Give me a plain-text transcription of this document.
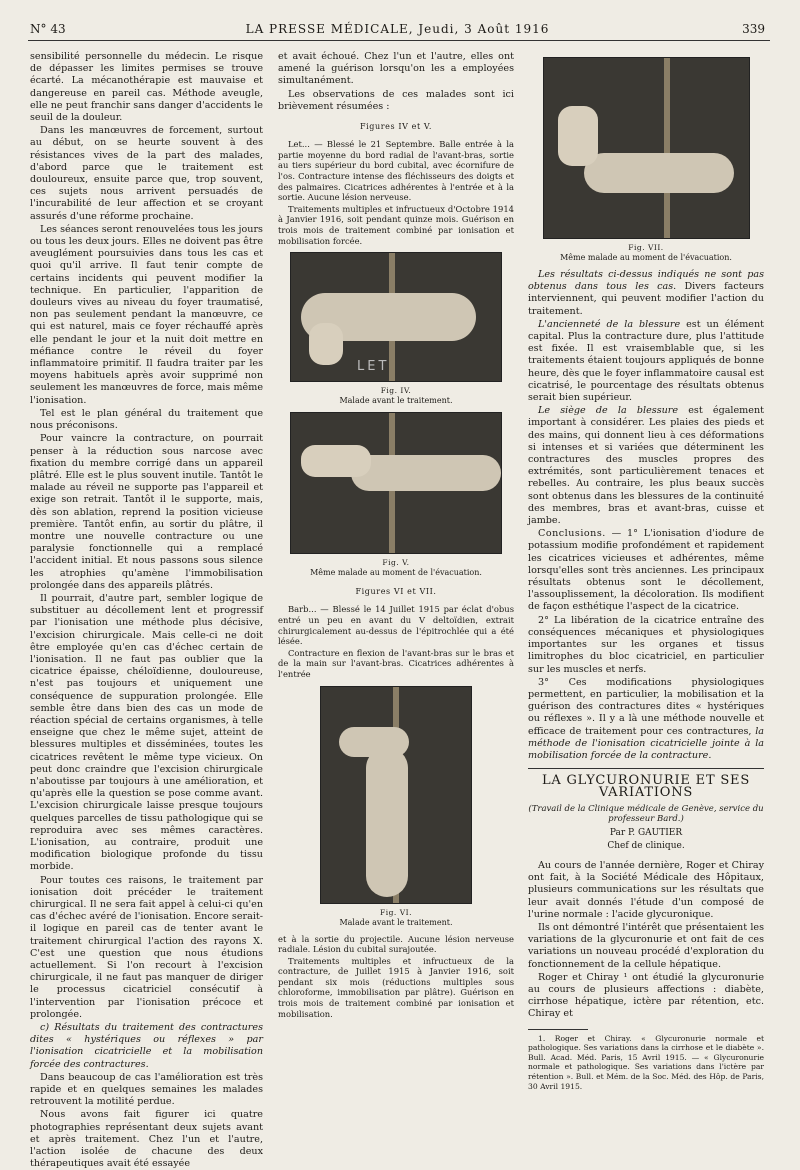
N° 43	LA PRESSE MÉDICALE, Jeudi, 3 Août 1916	339

sensibilité personnelle du médecin. Le risque de dépasser les limites permises se trouve écarté. La mécanothérapie est mauvaise et dangereuse en pareil cas. Méthode aveugle, elle ne peut franchir sans danger d'accidents le seuil de la douleur.

Dans les manœuvres de forcement, surtout au début, on se heurte souvent à des résistances vives de la part des malades, d'abord parce que le traitement est douloureux, ensuite parce que, trop souvent, ces sujets nous arrivent persuadés de l'incurabilité de leur affection et se croyant assurés d'une réforme prochaine.

Les séances seront renouvelées tous les jours ou tous les deux jours. Elles ne doivent pas être aveuglément poursuivies dans tous les cas et quoi qu'il arrive. Il faut tenir compte de certains incidents qui peuvent modifier la technique. En particulier, l'apparition de douleurs vives au niveau du foyer traumatisé, non pas seulement pendant la manœuvre, ce qui est naturel, mais ce foyer réchauffé après elle pendant le jour et la nuit doit mettre en méfiance contre le réveil du foyer inflammatoire primitif. Il faudra traiter par les moyens habituels après avoir supprimé non seulement les manœuvres de force, mais même l'ionisation.

Tel est le plan général du traitement que nous préconisons.

Pour vaincre la contracture, on pourrait penser à la réduction sous narcose avec fixation du membre corrigé dans un appareil plâtré. Elle est le plus souvent inutile. Tantôt le malade au réveil ne supporte pas l'appareil et exige son retrait. Tantôt il le supporte, mais, dès son ablation, reprend la position vicieuse première. Tantôt enfin, au sortir du plâtre, il montre une nouvelle contracture ou une paralysie fonctionnelle qui a remplacé l'accident initial. Et nous passons sous silence les atrophies qu'amène l'immobilisation prolongée dans des appareils plâtrés.

Il pourrait, d'autre part, sembler logique de substituer au décollement lent et progressif par l'ionisation une méthode plus décisive, l'excision chirurgicale. Mais celle-ci ne doit être employée qu'en cas d'échec certain de l'ionisation. Il ne faut pas oublier que la cicatrice épaisse, chéloïdienne, douloureuse, n'est pas toujours et uniquement une conséquence de suppuration prolongée. Elle semble être dans bien des cas un mode de réaction spécial de certains organismes, à telle enseigne que chez le même sujet, atteint de blessures multiples et disséminées, toutes les cicatrices revêtent le même type vicieux. On peut donc craindre que l'excision chirurgicale n'aboutisse par toujours à une amélioration, et qu'après elle la question se pose comme avant. L'excision chirurgicale laisse presque toujours quelques parcelles de tissu pathologique qui se reproduira avec ses mêmes caractères. L'ionisation, au contraire, produit une modification biologique profonde du tissu morbide.

Pour toutes ces raisons, le traitement par ionisation doit précéder le traitement chirurgical. Il ne sera fait appel à celui-ci qu'en cas d'échec avéré de l'ionisation. Encore serait-il logique en pareil cas de tenter avant le traitement chirurgical l'action des rayons X. C'est une question que nous étudions actuellement. Si l'on recourt à l'excision chirurgicale, il ne faut pas manquer de diriger le processus cicatriciel consécutif à l'intervention par l'ionisation précoce et prolongée.

c) Résultats du traitement des contractures dites « hystériques ou réflexes » par l'ionisation cicatricielle et la mobilisation forcée des contractures.

Dans beaucoup de cas l'amélioration est très rapide et en quelques semaines les malades retrouvent la motilité perdue.

Nous avons fait figurer ici quatre photographies représentant deux sujets avant et après traitement. Chez l'un et l'autre, l'action isolée de chacune des deux thérapeutiques avait été essayée

et avait échoué. Chez l'un et l'autre, elles ont amené la guérison lorsqu'on les a employées simultanément.

Les observations de ces malades sont ici brièvement résumées :

Figures IV et V.

Let... — Blessé le 21 Septembre. Balle entrée à la partie moyenne du bord radial de l'avant-bras, sortie au tiers supérieur du bord cubital, avec écornifure de l'os. Contracture intense des fléchisseurs des doigts et des palmaires. Cicatrices adhérentes à l'entrée et à la sortie. Aucune lésion nerveuse.

Traitements multiples et infructueux d'Octobre 1914 à Janvier 1916, soit pendant quinze mois. Guérison en trois mois de traitement combiné par ionisation et mobilisation forcée.

LET

Fig. IV.
Malade avant le traitement.

Fig. V.
Même malade au moment de l'évacuation.

Figures VI et VII.

Barb... — Blessé le 14 Juillet 1915 par éclat d'obus entré un peu en avant du V deltoïdien, extrait chirurgicalement au-dessus de l'épitrochlée qui a été lésée.

Contracture en flexion de l'avant-bras sur le bras et de la main sur l'avant-bras. Cicatrices adhérentes à l'entrée

Fig. VI.
Malade avant le traitement.

et à la sortie du projectile. Aucune lésion nerveuse radiale. Lésion du cubital surajoutée.

Traitements multiples et infructueux de la contracture, de Juillet 1915 à Janvier 1916, soit pendant six mois (réductions multiples sous chloroforme, immobilisation par plâtre). Guérison en trois mois de traitement combiné par ionisation et mobilisation.

Fig. VII.
Même malade au moment de l'évacuation.

Les résultats ci-dessus indiqués ne sont pas obtenus dans tous les cas. Divers facteurs interviennent, qui peuvent modifier l'action du traitement.

L'ancienneté de la blessure est un élément capital. Plus la contracture dure, plus l'attitude est fixée. Il est vraisemblable que, si les traitements étaient toujours appliqués de bonne heure, dès que le foyer inflammatoire causal est cicatrisé, le pourcentage des résultats obtenus serait bien supérieur.

Le siège de la blessure est également important à considérer. Les plaies des pieds et des mains, qui donnent lieu à ces déformations si intenses et si variées que déterminent les contractures des muscles propres des extrémités, sont particulièrement tenaces et rebelles. Au contraire, les plus beaux succès sont obtenus dans les blessures de la continuité des membres, bras et avant-bras, cuisse et jambe.

Conclusions. — 1° L'ionisation d'iodure de potassium modifie profondément et rapidement les cicatrices vicieuses et adhérentes, même lorsqu'elles sont très anciennes. Les principaux résultats obtenus sont le décollement, l'assouplissement, la décoloration. Ils modifient de façon esthétique l'aspect de la cicatrice.

2° La libération de la cicatrice entraîne des conséquences mécaniques et physiologiques importantes sur les organes et tissus limitrophes du bloc cicatriciel, en particulier sur les muscles et nerfs.

3° Ces modifications physiologiques permettent, en particulier, la mobilisation et la guérison des contractures dites « hystériques ou réflexes ». Il y a là une méthode nouvelle et efficace de traitement pour ces contractures, la méthode de l'ionisation cicatricielle jointe à la mobilisation forcée de la contracture.

LA GLYCURONURIE ET SES VARIATIONS

(Travail de la Clinique médicale de Genève, service du professeur Bard.)

Par P. GAUTIER

Chef de clinique.

Au cours de l'année dernière, Roger et Chiray ont fait, à la Société Médicale des Hôpitaux, plusieurs communications sur les résultats que leur avait donnés l'étude d'un composé de l'urine normale : l'acide glycuronique.

Ils ont démontré l'intérêt que présentaient les variations de la glycuronurie et ont fait de ces variations un nouveau procédé d'exploration du fonctionnement de la cellule hépatique.

Roger et Chiray ¹ ont étudié la glycuronurie au cours de plusieurs affections : diabète, cirrhose hépatique, ictère par rétention, etc. Chiray et

1. Roger et Chiray. « Glycuronurie normale et pathologique. Ses variations dans la cirrhose et le diabète ». Bull. Acad. Méd. Paris, 15 Avril 1915. — « Glycuronurie normale et pathologique. Ses variations dans l'ictère par rétention ». Bull. et Mém. de la Soc. Méd. des Hôp. de Paris, 30 Avril 1915.
